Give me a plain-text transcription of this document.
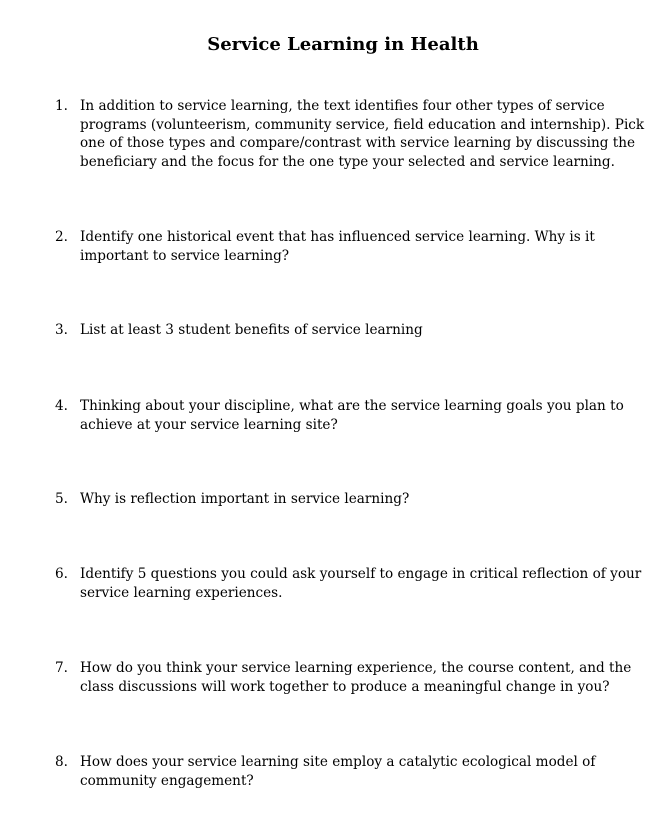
Service Learning in Health
1. In addition to service learning, the text identifies four other types of service programs (volunteerism, community service, field education and internship). Pick one of those types and compare/contrast with service learning by discussing the beneficiary and the focus for the one type your selected and service learning.
2. Identify one historical event that has influenced service learning. Why is it important to service learning?
3. List at least 3 student benefits of service learning
4. Thinking about your discipline, what are the service learning goals you plan to achieve at your service learning site?
5. Why is reflection important in service learning?
6. Identify 5 questions you could ask yourself to engage in critical reflection of your service learning experiences.
7. How do you think your service learning experience, the course content, and the class discussions will work together to produce a meaningful change in you?
8. How does your service learning site employ a catalytic ecological model of community engagement?
